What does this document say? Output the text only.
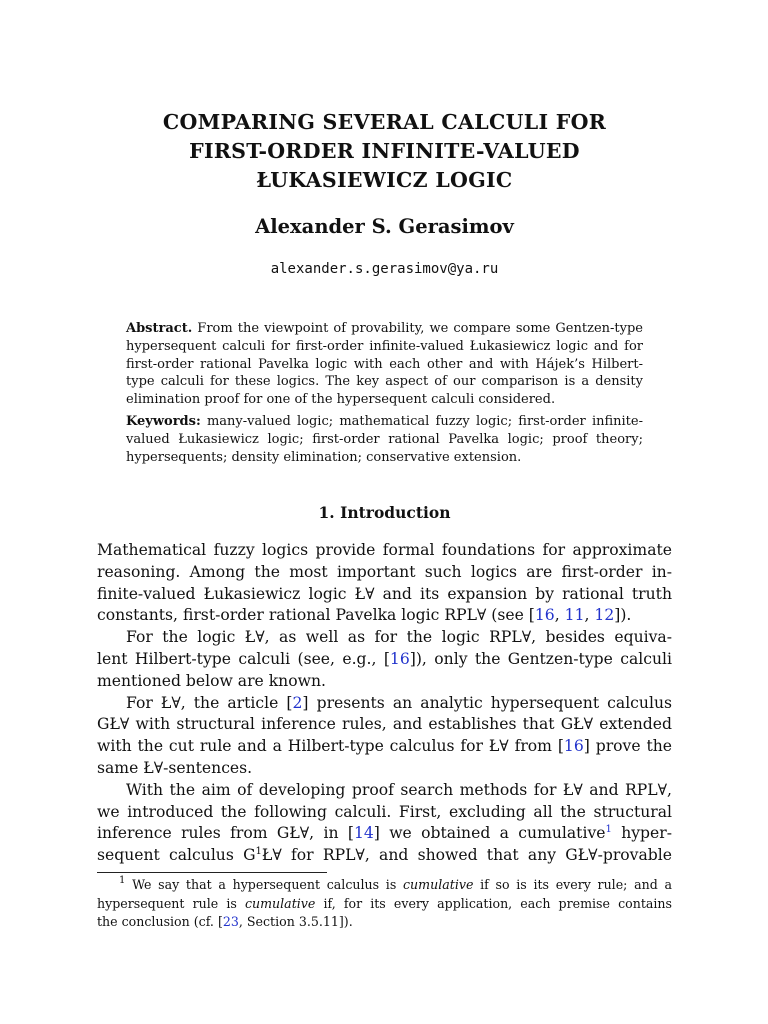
COMPARING SEVERAL CALCULI FOR
FIRST-ORDER INFINITE-VALUED
ŁUKASIEWICZ LOGIC
Alexander S. Gerasimov
alexander.s.gerasimov@ya.ru

Abstract. From the viewpoint of provability, we compare some Gentzen-type hypersequent calculi for first-order infinite-valued Łukasiewicz logic and for first-order rational Pavelka logic with each other and with Hájek’s Hilbert-type calculi for these logics. The key aspect of our comparison is a density elimination proof for one of the hypersequent calculi considered.

Keywords: many-valued logic; mathematical fuzzy logic; first-order infinite-valued Łukasiewicz logic; first-order rational Pavelka logic; proof theory; hypersequents; density elimination; conservative extension.

1. Introduction
Mathematical fuzzy logics provide formal foundations for approximate
reasoning. Among the most important such logics are first-order in-
finite-valued Łukasiewicz logic Ł∀ and its expansion by rational truth
constants, first-order rational Pavelka logic RPL∀ (see [16, 11, 12]).
For the logic Ł∀, as well as for the logic RPL∀, besides equiva-
lent Hilbert-type calculi (see, e.g., [16]), only the Gentzen-type calculi
mentioned below are known.
For Ł∀, the article [2] presents an analytic hypersequent calculus
GŁ∀ with structural inference rules, and establishes that GŁ∀ extended
with the cut rule and a Hilbert-type calculus for Ł∀ from [16] prove the
same Ł∀-sentences.
With the aim of developing proof search methods for Ł∀ and RPL∀,
we introduced the following calculi. First, excluding all the structural
inference rules from GŁ∀, in [14] we obtained a cumulative$^1$ hyper-
sequent calculus $G^1Ł\forall$ for RPL∀, and showed that any GŁ∀-provable
$^1$ We say that a hypersequent calculus is cumulative if so is its every rule; and a
hypersequent rule is cumulative if, for its every application, each premise contains
the conclusion (cf. [23, Section 3.5.11]).
